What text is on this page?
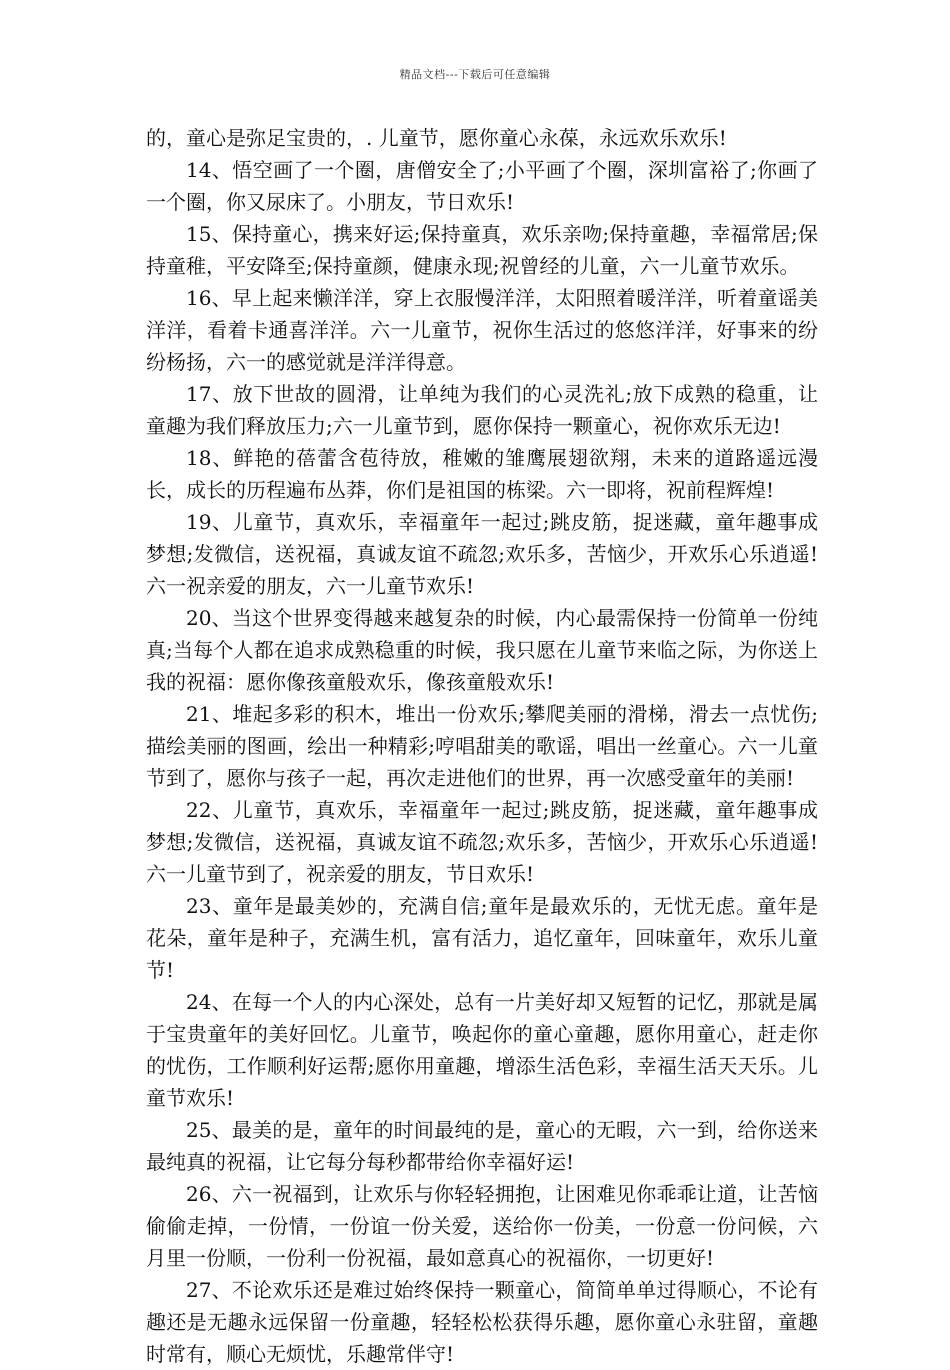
精品文档---下载后可任意编辑

的，童心是弥足宝贵的，. 儿童节，愿你童心永葆，永远欢乐欢乐!

14、悟空画了一个圈，唐僧安全了;小平画了个圈，深圳富裕了;你画了一个圈，你又尿床了。小朋友，节日欢乐!

15、保持童心，携来好运;保持童真，欢乐亲吻;保持童趣，幸福常居;保持童稚，平安降至;保持童颜，健康永现;祝曾经的儿童，六一儿童节欢乐。

16、早上起来懒洋洋，穿上衣服慢洋洋，太阳照着暖洋洋，听着童谣美洋洋，看着卡通喜洋洋。六一儿童节，祝你生活过的悠悠洋洋，好事来的纷纷杨扬，六一的感觉就是洋洋得意。

17、放下世故的圆滑，让单纯为我们的心灵洗礼;放下成熟的稳重，让童趣为我们释放压力;六一儿童节到，愿你保持一颗童心，祝你欢乐无边!

18、鲜艳的蓓蕾含苞待放，稚嫩的雏鹰展翅欲翔，未来的道路遥远漫长，成长的历程遍布丛莽，你们是祖国的栋梁。六一即将，祝前程辉煌!

19、儿童节，真欢乐，幸福童年一起过;跳皮筋，捉迷藏，童年趣事成梦想;发微信，送祝福，真诚友谊不疏忽;欢乐多，苦恼少，开欢乐心乐逍遥!六一祝亲爱的朋友，六一儿童节欢乐!

20、当这个世界变得越来越复杂的时候，内心最需保持一份简单一份纯真;当每个人都在追求成熟稳重的时候，我只愿在儿童节来临之际，为你送上我的祝福：愿你像孩童般欢乐，像孩童般欢乐!

21、堆起多彩的积木，堆出一份欢乐;攀爬美丽的滑梯，滑去一点忧伤;描绘美丽的图画，绘出一种精彩;哼唱甜美的歌谣，唱出一丝童心。六一儿童节到了，愿你与孩子一起，再次走进他们的世界，再一次感受童年的美丽!

22、儿童节，真欢乐，幸福童年一起过;跳皮筋，捉迷藏，童年趣事成梦想;发微信，送祝福，真诚友谊不疏忽;欢乐多，苦恼少，开欢乐心乐逍遥!六一儿童节到了，祝亲爱的朋友，节日欢乐!

23、童年是最美妙的，充满自信;童年是最欢乐的，无忧无虑。童年是花朵，童年是种子，充满生机，富有活力，追忆童年，回味童年，欢乐儿童节!

24、在每一个人的内心深处，总有一片美好却又短暂的记忆，那就是属于宝贵童年的美好回忆。儿童节，唤起你的童心童趣，愿你用童心，赶走你的忧伤，工作顺利好运帮;愿你用童趣，增添生活色彩，幸福生活天天乐。儿童节欢乐!

25、最美的是，童年的时间最纯的是，童心的无暇，六一到，给你送来最纯真的祝福，让它每分每秒都带给你幸福好运!

26、六一祝福到，让欢乐与你轻轻拥抱，让困难见你乖乖让道，让苦恼偷偷走掉，一份情，一份谊一份关爱，送给你一份美，一份意一份问候，六月里一份顺，一份利一份祝福，最如意真心的祝福你，一切更好!

27、不论欢乐还是难过始终保持一颗童心，简简单单过得顺心，不论有趣还是无趣永远保留一份童趣，轻轻松松获得乐趣，愿你童心永驻留，童趣时常有，顺心无烦忧，乐趣常伴守!
